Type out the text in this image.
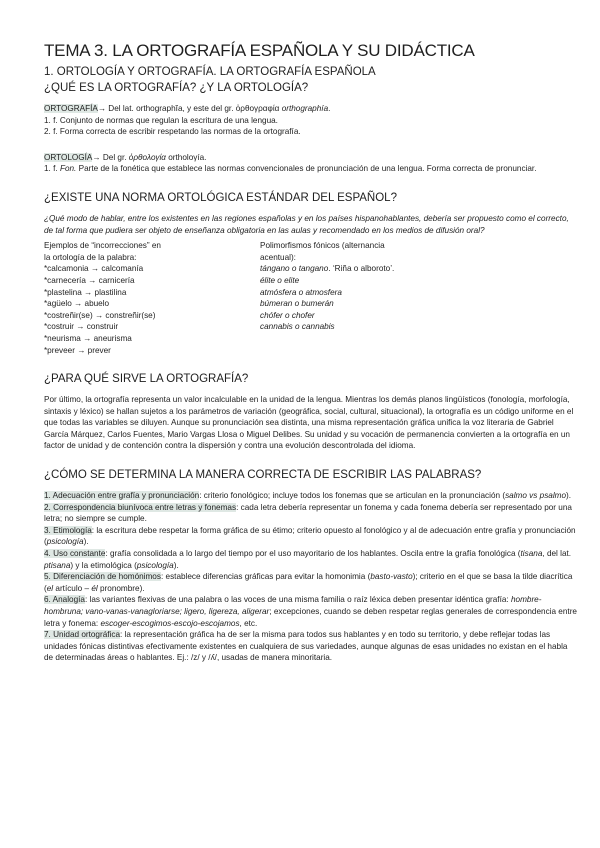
TEMA 3. LA ORTOGRAFÍA ESPAÑOLA Y SU DIDÁCTICA
1. ORTOLOGÍA Y ORTOGRAFÍA. LA ORTOGRAFÍA ESPAÑOLA
¿QUÉ ES LA ORTOGRAFÍA? ¿Y LA ORTOLOGÍA?

ORTOGRAFÍA→ Del lat. orthographĭa, y este del gr. ὀρθογραφία orthographía.

1. f. Conjunto de normas que regulan la escritura de una lengua.

2. f. Forma correcta de escribir respetando las normas de la ortografía.

ORTOLOGÍA→ Del gr. ὀρθολογία ortholoγía.

1. f. Fon. Parte de la fonética que establece las normas convencionales de pronunciación de una lengua. Forma correcta de pronunciar.

¿EXISTE UNA NORMA ORTOLÓGICA ESTÁNDAR DEL ESPAÑOL?

¿Qué modo de hablar, entre los existentes en las regiones españolas y en los países hispanohablantes, debería ser propuesto como el correcto, de tal forma que pudiera ser objeto de enseñanza obligatoria en las aulas y recomendado en los medios de difusión oral?

Ejemplos de “incorrecciones” en
la ortología de la palabra:
*calcamonia → calcomanía
*carnecería → carnicería
*plastelina → plastilina
*agüelo → abuelo
*costreñir(se) → constreñir(se)
*costruir → construir
*neurisma → aneurisma
*preveer → prever
Polimorfismos fónicos (alternancia
acentual):
tángano o tangano. ‘Riña o alboroto’.
élite o elite
atmósfera o atmosfera
búmeran o bumerán
chófer o chofer
cannabis o cannabis
¿PARA QUÉ SIRVE LA ORTOGRAFÍA?

Por último, la ortografía representa un valor incalculable en la unidad de la lengua. Mientras los demás planos lingüísticos (fonología, morfología, sintaxis y léxico) se hallan sujetos a los parámetros de variación (geográfica, social, cultural, situacional), la ortografía es un código uniforme en el que todas las variables se diluyen. Aunque su pronunciación sea distinta, una misma representación gráfica unifica la voz literaria de Gabriel García Márquez, Carlos Fuentes, Mario Vargas Llosa o Miguel Delibes. Su unidad y su vocación de permanencia convierten a la ortografía en un factor de unidad y de contención contra la dispersión y contra una evolución descontrolada del idioma.

¿CÓMO SE DETERMINA LA MANERA CORRECTA DE ESCRIBIR LAS PALABRAS?

1. Adecuación entre grafía y pronunciación: criterio fonológico; incluye todos los fonemas que se articulan en la pronunciación (salmo vs psalmo).

2. Correspondencia biunívoca entre letras y fonemas: cada letra debería representar un fonema y cada fonema debería ser representado por una letra; no siempre se cumple.

3. Etimología: la escritura debe respetar la forma gráfica de su étimo; criterio opuesto al fonológico y al de adecuación entre grafía y pronunciación (psicología).

4. Uso constante: grafía consolidada a lo largo del tiempo por el uso mayoritario de los hablantes. Oscila entre la grafía fonológica (tisana, del lat. ptisana) y la etimológica (psicología).

5. Diferenciación de homónimos: establece diferencias gráficas para evitar la homonimia (basto-vasto); criterio en el que se basa la tilde diacrítica (el artículo – él pronombre).

6. Analogía: las variantes flexivas de una palabra o las voces de una misma familia o raíz léxica deben presentar idéntica grafía: hombre-hombruna; vano-vanas-vanagloriarse; ligero, ligereza, aligerar; excepciones, cuando se deben respetar reglas generales de correspondencia entre letra y fonema: escoger-escogimos-escojo-escojamos, etc.

7. Unidad ortográfica: la representación gráfica ha de ser la misma para todos sus hablantes y en todo su territorio, y debe reflejar todas las unidades fónicas distintivas efectivamente existentes en cualquiera de sus variedades, aunque algunas de esas unidades no existan en el habla de determinadas áreas o hablantes. Ej.: /z/ y /ʎ/, usadas de manera minoritaria.
